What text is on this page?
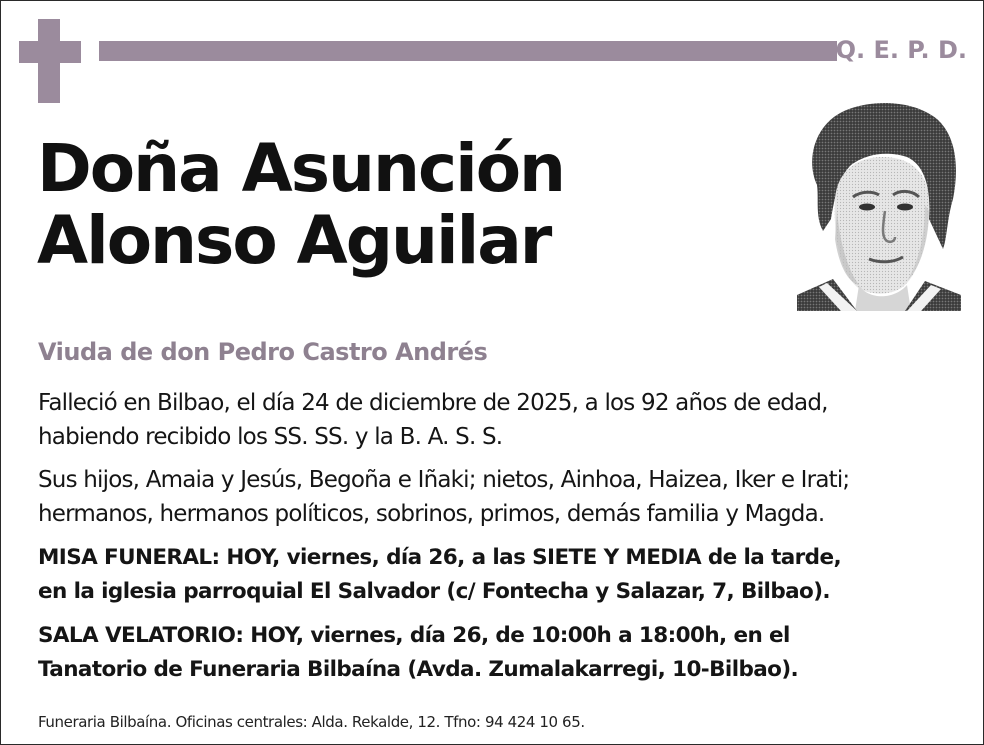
Q. E. P. D.
Doña Asunción
Alonso Aguilar

Viuda de don Pedro Castro Andrés

Falleció en Bilbao, el día 24 de diciembre de 2025, a los 92 años de edad,
habiendo recibido los SS. SS. y la B. A. S. S.

Sus hijos, Amaia y Jesús, Begoña e Iñaki; nietos, Ainhoa, Haizea, Iker e Irati;
hermanos, hermanos políticos, sobrinos, primos, demás familia y Magda.

MISA FUNERAL: HOY, viernes, día 26, a las SIETE Y MEDIA de la tarde,
en la iglesia parroquial El Salvador (c/ Fontecha y Salazar, 7, Bilbao).

SALA VELATORIO: HOY, viernes, día 26, de 10:00h a 18:00h, en el
Tanatorio de Funeraria Bilbaína (Avda. Zumalakarregi, 10-Bilbao).

Funeraria Bilbaína. Oficinas centrales: Alda. Rekalde, 12. Tfno: 94 424 10 65.
